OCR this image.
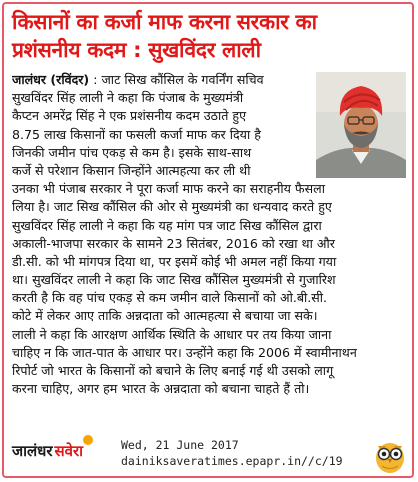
किसानों का कर्जा माफ करना सरकार का
प्रशंसनीय कदम : सुखविंदर लाली
जालंधर (रविंदर) : जाट सिख कौंसिल के गवर्निंग सचिव
सुखविंदर सिंह लाली ने कहा कि पंजाब के मुख्यमंत्री
कैप्टन अमरेंद्र सिंह ने एक प्रशंसनीय कदम उठाते हुए
8.75 लाख किसानों का फसली कर्जा माफ कर दिया है
जिनकी जमीन पांच एकड़ से कम है। इसके साथ-साथ
कर्जे से परेशान किसान जिन्होंने आत्महत्या कर ली थी
उनका भी पंजाब सरकार ने पूरा कर्जा माफ करने का सराहनीय फैसला
लिया है। जाट सिख कौंसिल की ओर से मुख्यमंत्री का धन्यवाद करते हुए
सुखविंदर सिंह लाली ने कहा कि यह मांग पत्र जाट सिख कौंसिल द्वारा
अकाली-भाजपा सरकार के सामने 23 सितंबर, 2016 को रखा था और
डी.सी. को भी मांगपत्र दिया था, पर इसमें कोई भी अमल नहीं किया गया
था। सुखविंदर लाली ने कहा कि जाट सिख कौंसिल मुख्यमंत्री से गुजारिश
करती है कि वह पांच एकड़ से कम जमीन वाले किसानों को ओ.बी.सी.
कोटे में लेकर आए ताकि अन्नदाता को आत्महत्या से बचाया जा सके।
लाली ने कहा कि आरक्षण आर्थिक स्थिति के आधार पर तय किया जाना
चाहिए न कि जात-पात के आधार पर। उन्होंने कहा कि 2006 में स्वामीनाथन
रिपोर्ट जो भारत के किसानों को बचाने के लिए बनाई गई थी उसको लागू
करना चाहिए, अगर हम भारत के अन्नदाता को बचाना चाहते हैं तो।
जालंधर सवेरा	Wed, 21 June 2017
dainiksaveratimes.epapr.in//c/19
